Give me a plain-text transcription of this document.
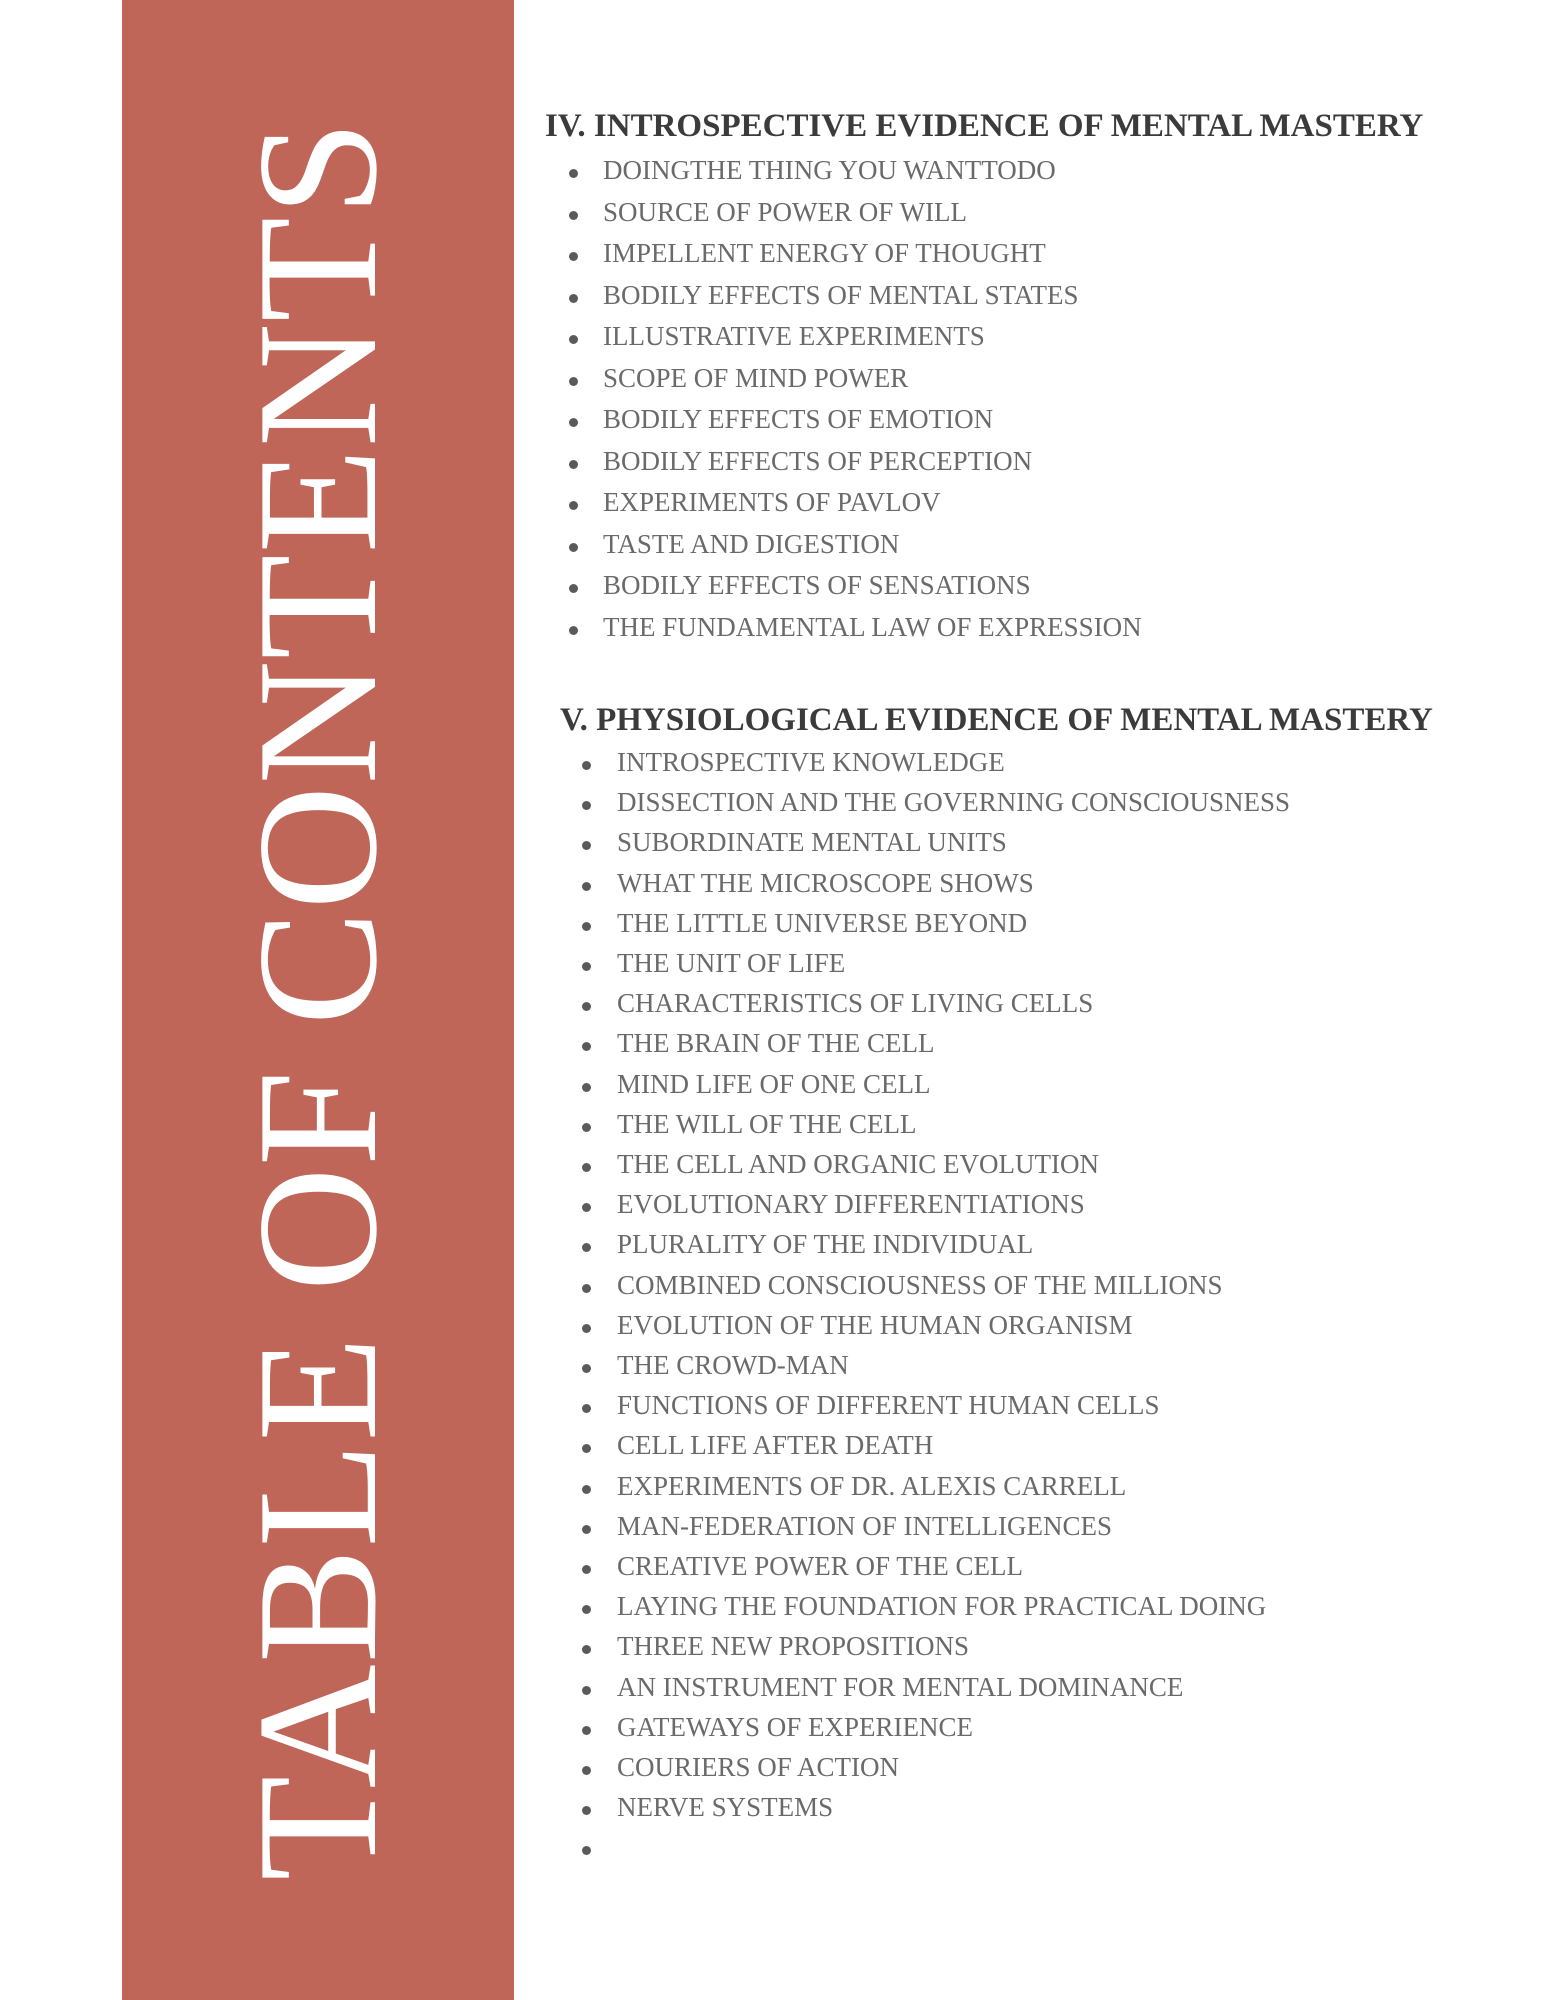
TABLE OF CONTENTS	IV. INTROSPECTIVE EVIDENCE OF MENTAL MASTERY
DOINGTHE THING YOU WANTTODO
SOURCE OF POWER OF WILL
IMPELLENT ENERGY OF THOUGHT
BODILY EFFECTS OF MENTAL STATES
ILLUSTRATIVE EXPERIMENTS
SCOPE OF MIND POWER
BODILY EFFECTS OF EMOTION
BODILY EFFECTS OF PERCEPTION
EXPERIMENTS OF PAVLOV
TASTE AND DIGESTION
BODILY EFFECTS OF SENSATIONS
THE FUNDAMENTAL LAW OF EXPRESSION
V. PHYSIOLOGICAL EVIDENCE OF MENTAL MASTERY
INTROSPECTIVE KNOWLEDGE
DISSECTION AND THE GOVERNING CONSCIOUSNESS
SUBORDINATE MENTAL UNITS
WHAT THE MICROSCOPE SHOWS
THE LITTLE UNIVERSE BEYOND
THE UNIT OF LIFE
CHARACTERISTICS OF LIVING CELLS
THE BRAIN OF THE CELL
MIND LIFE OF ONE CELL
THE WILL OF THE CELL
THE CELL AND ORGANIC EVOLUTION
EVOLUTIONARY DIFFERENTIATIONS
PLURALITY OF THE INDIVIDUAL
COMBINED CONSCIOUSNESS OF THE MILLIONS
EVOLUTION OF THE HUMAN ORGANISM
THE CROWD-MAN
FUNCTIONS OF DIFFERENT HUMAN CELLS
CELL LIFE AFTER DEATH
EXPERIMENTS OF DR. ALEXIS CARRELL
MAN-FEDERATION OF INTELLIGENCES
CREATIVE POWER OF THE CELL
LAYING THE FOUNDATION FOR PRACTICAL DOING
THREE NEW PROPOSITIONS
AN INSTRUMENT FOR MENTAL DOMINANCE
GATEWAYS OF EXPERIENCE
COURIERS OF ACTION
NERVE SYSTEMS
